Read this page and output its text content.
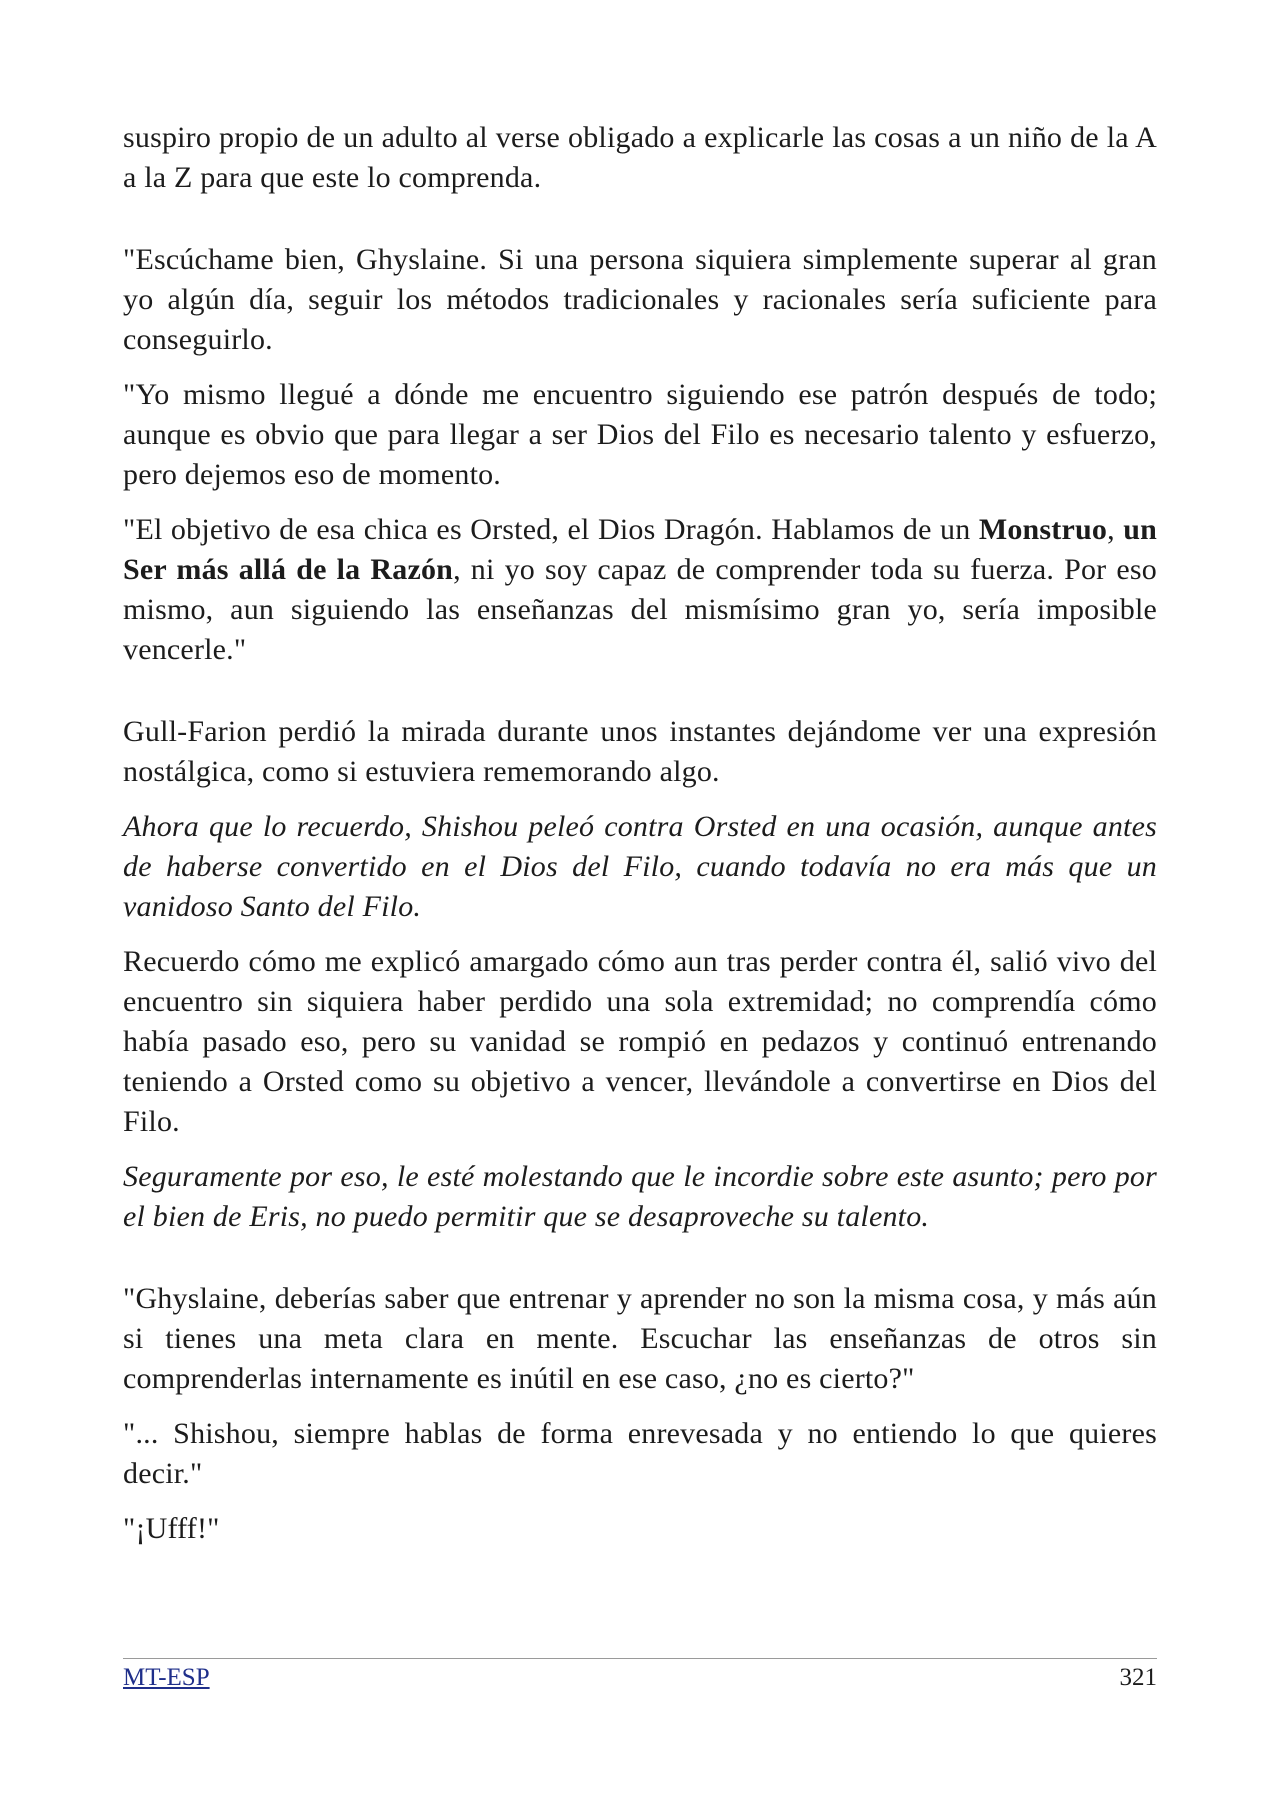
suspiro propio de un adulto al verse obligado a explicarle las cosas a un niño de la A a la Z para que este lo comprenda.

"Escúchame bien, Ghyslaine. Si una persona siquiera simplemente superar al gran yo algún día, seguir los métodos tradicionales y racionales sería suficiente para conseguirlo.

"Yo mismo llegué a dónde me encuentro siguiendo ese patrón después de todo; aunque es obvio que para llegar a ser Dios del Filo es necesario talento y esfuerzo, pero dejemos eso de momento.

"El objetivo de esa chica es Orsted, el Dios Dragón. Hablamos de un Monstruo, un Ser más allá de la Razón, ni yo soy capaz de comprender toda su fuerza. Por eso mismo, aun siguiendo las enseñanzas del mismísimo gran yo, sería imposible vencerle."

Gull-Farion perdió la mirada durante unos instantes dejándome ver una expresión nostálgica, como si estuviera rememorando algo.

Ahora que lo recuerdo, Shishou peleó contra Orsted en una ocasión, aunque antes de haberse convertido en el Dios del Filo, cuando todavía no era más que un vanidoso Santo del Filo.

Recuerdo cómo me explicó amargado cómo aun tras perder contra él, salió vivo del encuentro sin siquiera haber perdido una sola extremidad; no comprendía cómo había pasado eso, pero su vanidad se rompió en pedazos y continuó entrenando teniendo a Orsted como su objetivo a vencer, llevándole a convertirse en Dios del Filo.

Seguramente por eso, le esté molestando que le incordie sobre este asunto; pero por el bien de Eris, no puedo permitir que se desaproveche su talento.

"Ghyslaine, deberías saber que entrenar y aprender no son la misma cosa, y más aún si tienes una meta clara en mente. Escuchar las enseñanzas de otros sin comprenderlas internamente es inútil en ese caso, ¿no es cierto?"

"... Shishou, siempre hablas de forma enrevesada y no entiendo lo que quieres decir."

"¡Ufff!"

MT-ESP	321
